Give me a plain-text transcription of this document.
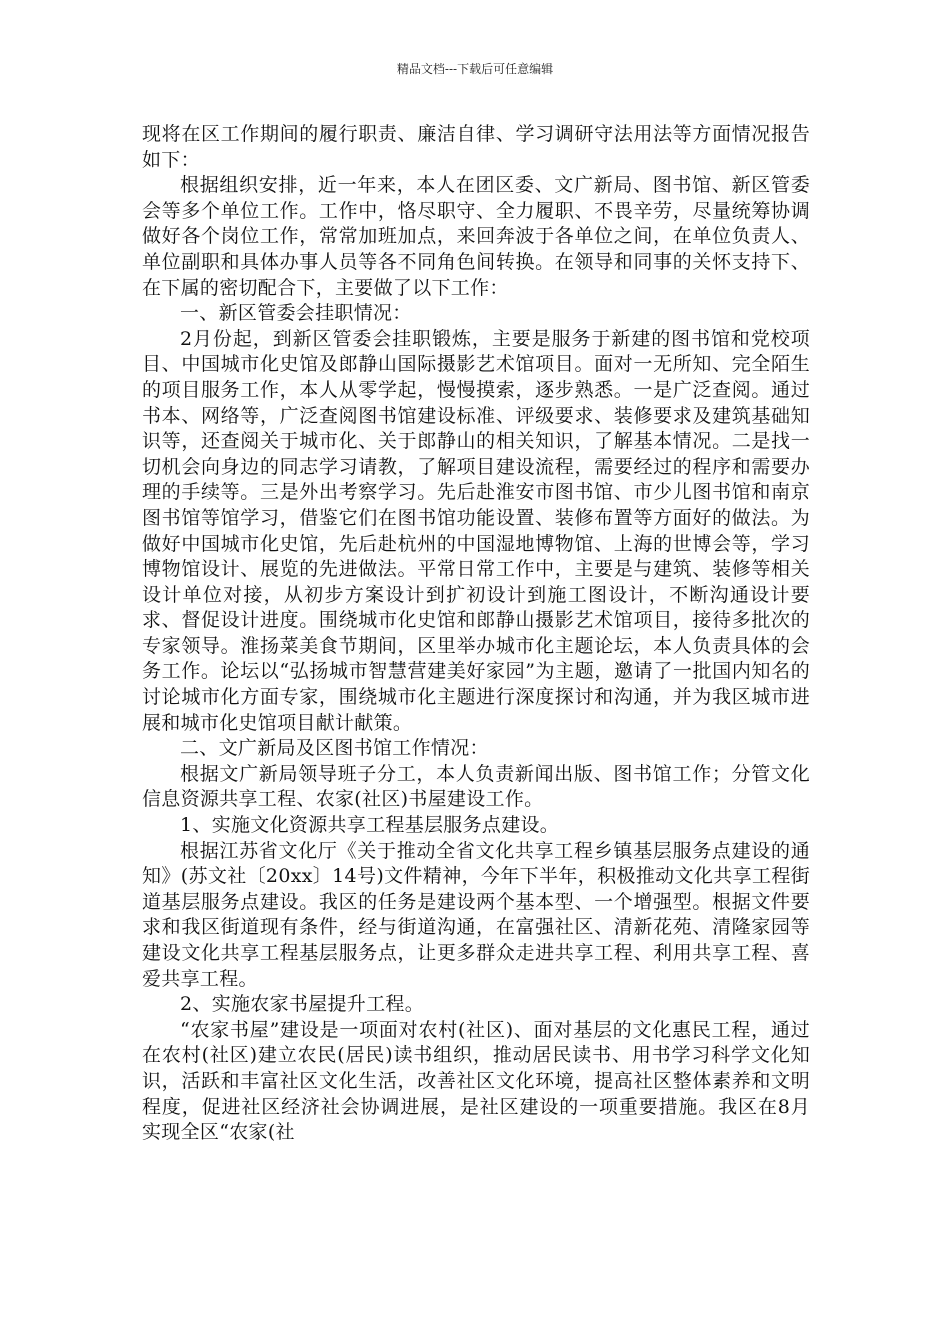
精品文档---下载后可任意编辑

现将在区工作期间的履行职责、廉洁自律、学习调研守法用法等方面情况报告如下：

根据组织安排，近一年来，本人在团区委、文广新局、图书馆、新区管委会等多个单位工作。工作中，恪尽职守、全力履职、不畏辛劳，尽量统筹协调做好各个岗位工作，常常加班加点，来回奔波于各单位之间，在单位负责人、单位副职和具体办事人员等各不同角色间转换。在领导和同事的关怀支持下、在下属的密切配合下，主要做了以下工作：

一、新区管委会挂职情况：

2月份起，到新区管委会挂职锻炼，主要是服务于新建的图书馆和党校项目、中国城市化史馆及郎静山国际摄影艺术馆项目。面对一无所知、完全陌生的项目服务工作，本人从零学起，慢慢摸索，逐步熟悉。一是广泛查阅。通过书本、网络等，广泛查阅图书馆建设标准、评级要求、装修要求及建筑基础知识等，还查阅关于城市化、关于郎静山的相关知识，了解基本情况。二是找一切机会向身边的同志学习请教，了解项目建设流程，需要经过的程序和需要办理的手续等。三是外出考察学习。先后赴淮安市图书馆、市少儿图书馆和南京图书馆等馆学习，借鉴它们在图书馆功能设置、装修布置等方面好的做法。为做好中国城市化史馆，先后赴杭州的中国湿地博物馆、上海的世博会等，学习博物馆设计、展览的先进做法。平常日常工作中，主要是与建筑、装修等相关设计单位对接，从初步方案设计到扩初设计到施工图设计，不断沟通设计要求、督促设计进度。围绕城市化史馆和郎静山摄影艺术馆项目，接待多批次的专家领导。淮扬菜美食节期间，区里举办城市化主题论坛，本人负责具体的会务工作。论坛以“弘扬城市智慧营建美好家园”为主题，邀请了一批国内知名的讨论城市化方面专家，围绕城市化主题进行深度探讨和沟通，并为我区城市进展和城市化史馆项目献计献策。

二、文广新局及区图书馆工作情况：

根据文广新局领导班子分工，本人负责新闻出版、图书馆工作；分管文化信息资源共享工程、农家(社区)书屋建设工作。

1、实施文化资源共享工程基层服务点建设。

根据江苏省文化厅《关于推动全省文化共享工程乡镇基层服务点建设的通知》(苏文社〔20xx〕14号)文件精神，今年下半年，积极推动文化共享工程街道基层服务点建设。我区的任务是建设两个基本型、一个增强型。根据文件要求和我区街道现有条件，经与街道沟通，在富强社区、清新花苑、清隆家园等建设文化共享工程基层服务点，让更多群众走进共享工程、利用共享工程、喜爱共享工程。

2、实施农家书屋提升工程。

“农家书屋”建设是一项面对农村(社区)、面对基层的文化惠民工程，通过在农村(社区)建立农民(居民)读书组织，推动居民读书、用书学习科学文化知识，活跃和丰富社区文化生活，改善社区文化环境，提高社区整体素养和文明程度，促进社区经济社会协调进展，是社区建设的一项重要措施。我区在8月实现全区“农家(社
